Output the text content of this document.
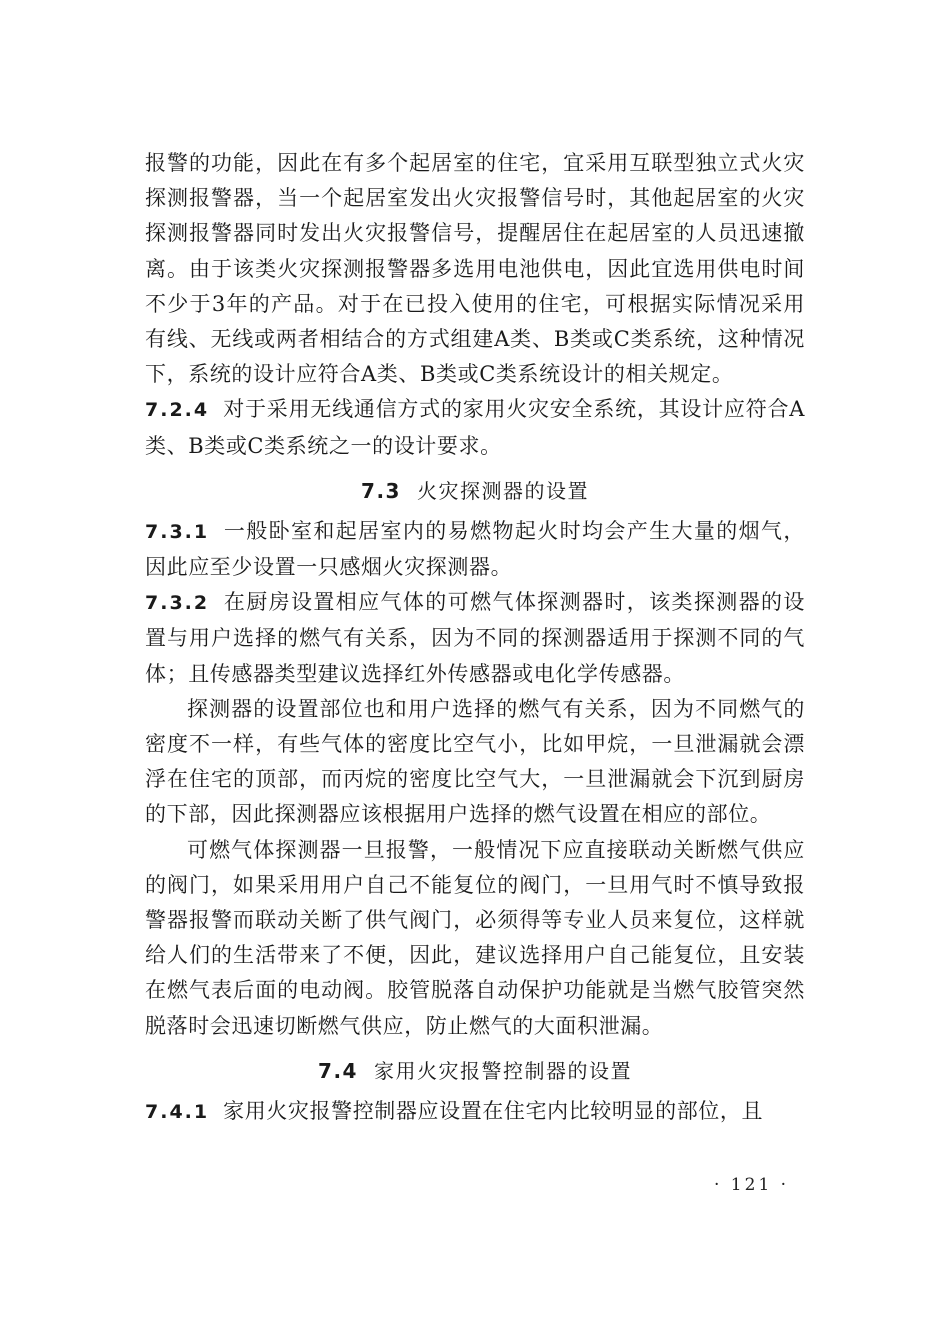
报警的功能，因此在有多个起居室的住宅，宜采用互联型独立式火灾探测报警器，当一个起居室发出火灾报警信号时，其他起居室的火灾探测报警器同时发出火灾报警信号，提醒居住在起居室的人员迅速撤离。由于该类火灾探测报警器多选用电池供电，因此宜选用供电时间不少于3年的产品。对于在已投入使用的住宅，可根据实际情况采用有线、无线或两者相结合的方式组建A类、B类或C类系统，这种情况下，系统的设计应符合A类、B类或C类系统设计的相关规定。

7.2.4 对于采用无线通信方式的家用火灾安全系统，其设计应符合A类、B类或C类系统之一的设计要求。

7.3 火灾探测器的设置

7.3.1 一般卧室和起居室内的易燃物起火时均会产生大量的烟气，因此应至少设置一只感烟火灾探测器。

7.3.2 在厨房设置相应气体的可燃气体探测器时，该类探测器的设置与用户选择的燃气有关系，因为不同的探测器适用于探测不同的气体；且传感器类型建议选择红外传感器或电化学传感器。

探测器的设置部位也和用户选择的燃气有关系，因为不同燃气的密度不一样，有些气体的密度比空气小，比如甲烷，一旦泄漏就会漂浮在住宅的顶部，而丙烷的密度比空气大，一旦泄漏就会下沉到厨房的下部，因此探测器应该根据用户选择的燃气设置在相应的部位。

可燃气体探测器一旦报警，一般情况下应直接联动关断燃气供应的阀门，如果采用用户自己不能复位的阀门，一旦用气时不慎导致报警器报警而联动关断了供气阀门，必须得等专业人员来复位，这样就给人们的生活带来了不便，因此，建议选择用户自己能复位，且安装在燃气表后面的电动阀。胶管脱落自动保护功能就是当燃气胶管突然脱落时会迅速切断燃气供应，防止燃气的大面积泄漏。

7.4 家用火灾报警控制器的设置

7.4.1 家用火灾报警控制器应设置在住宅内比较明显的部位，且

· 121 ·
